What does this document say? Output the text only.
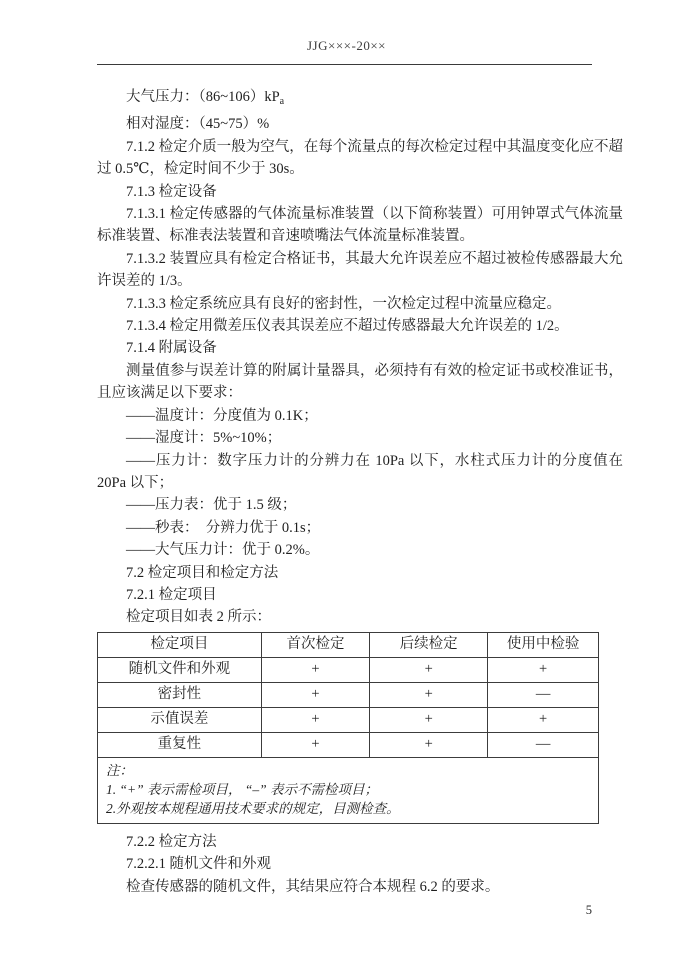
JJG×××-20××

大气压力：$(86\sim 106)kP_a$

相对湿度：（45~75）%

7.1.2 检定介质一般为空气，在每个流量点的每次检定过程中其温度变化应不超过 0.5℃，检定时间不少于 30s。

7.1.3 检定设备

7.1.3.1 检定传感器的气体流量标准装置（以下简称装置）可用钟罩式气体流量标准装置、标准表法装置和音速喷嘴法气体流量标准装置。

7.1.3.2 装置应具有检定合格证书，其最大允许误差应不超过被检传感器最大允许误差的 1/3。

7.1.3.3 检定系统应具有良好的密封性，一次检定过程中流量应稳定。

7.1.3.4 检定用微差压仪表其误差应不超过传感器最大允许误差的 1/2。

7.1.4 附属设备

测量值参与误差计算的附属计量器具，必须持有有效的检定证书或校准证书，且应该满足以下要求：

——温度计：分度值为 0.1K；

——湿度计：5%~10%；

——压力计：数字压力计的分辨力在 10Pa 以下，水柱式压力计的分度值在 20Pa 以下；

——压力表：优于 1.5 级；

——秒表：  分辨力优于 0.1s；

——大气压力计：优于 0.2%。

7.2 检定项目和检定方法

7.2.1 检定项目

检定项目如表 2 所示：

检定项目	首次检定	后续检定	使用中检验
随机文件和外观	+	+	+
密封性	+	+	—
示值误差	+	+	+
重复性	+	+	—

注：
1. “+” 表示需检项目， “–” 表示不需检项目；
2.外观按本规程通用技术要求的规定，目测检查。			

7.2.2 检定方法

7.2.2.1 随机文件和外观

检查传感器的随机文件，其结果应符合本规程 6.2 的要求。

5
